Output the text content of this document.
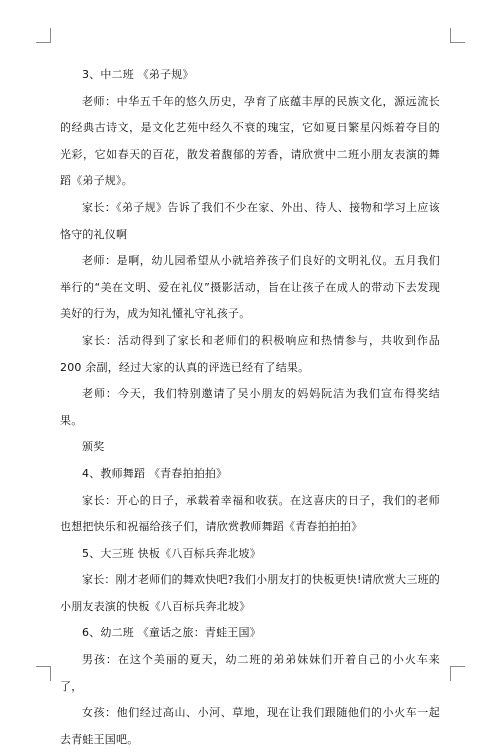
3、中二班 《弟子规》

老师：中华五千年的悠久历史，孕育了底蕴丰厚的民族文化，源远流长的经典古诗文，是文化艺苑中经久不衰的瑰宝，它如夏日繁星闪烁着夺目的光彩，它如春天的百花，散发着馥郁的芳香，请欣赏中二班小朋友表演的舞蹈《弟子规》。

家长：《弟子规》告诉了我们不少在家、外出、待人、接物和学习上应该恪守的礼仪啊

老师：是啊，幼儿园希望从小就培养孩子们良好的文明礼仪。五月我们举行的“美在文明、爱在礼仪”摄影活动，旨在让孩子在成人的带动下去发现美好的行为，成为知礼懂礼守礼孩子。

家长：活动得到了家长和老师们的积极响应和热情参与，共收到作品 200 余副，经过大家的认真的评选已经有了结果。

老师：今天，我们特别邀请了吴小朋友的妈妈阮洁为我们宣布得奖结果。

颁奖

4、教师舞蹈 《青春拍拍拍》

家长：开心的日子，承载着幸福和收获。在这喜庆的日子，我们的老师也想把快乐和祝福给孩子们，请欣赏教师舞蹈《青春拍拍拍》

5、大三班 快板《八百标兵奔北坡》

家长：刚才老师们的舞欢快吧?我们小朋友打的快板更快!请欣赏大三班的小朋友表演的快板《八百标兵奔北坡》

6、幼二班 《童话之旅：青蛙王国》

男孩：在这个美丽的夏天，幼二班的弟弟妹妹们开着自己的小火车来了，

女孩：他们经过高山、小河、草地，现在让我们跟随他们的小火车一起去青蛙王国吧。
